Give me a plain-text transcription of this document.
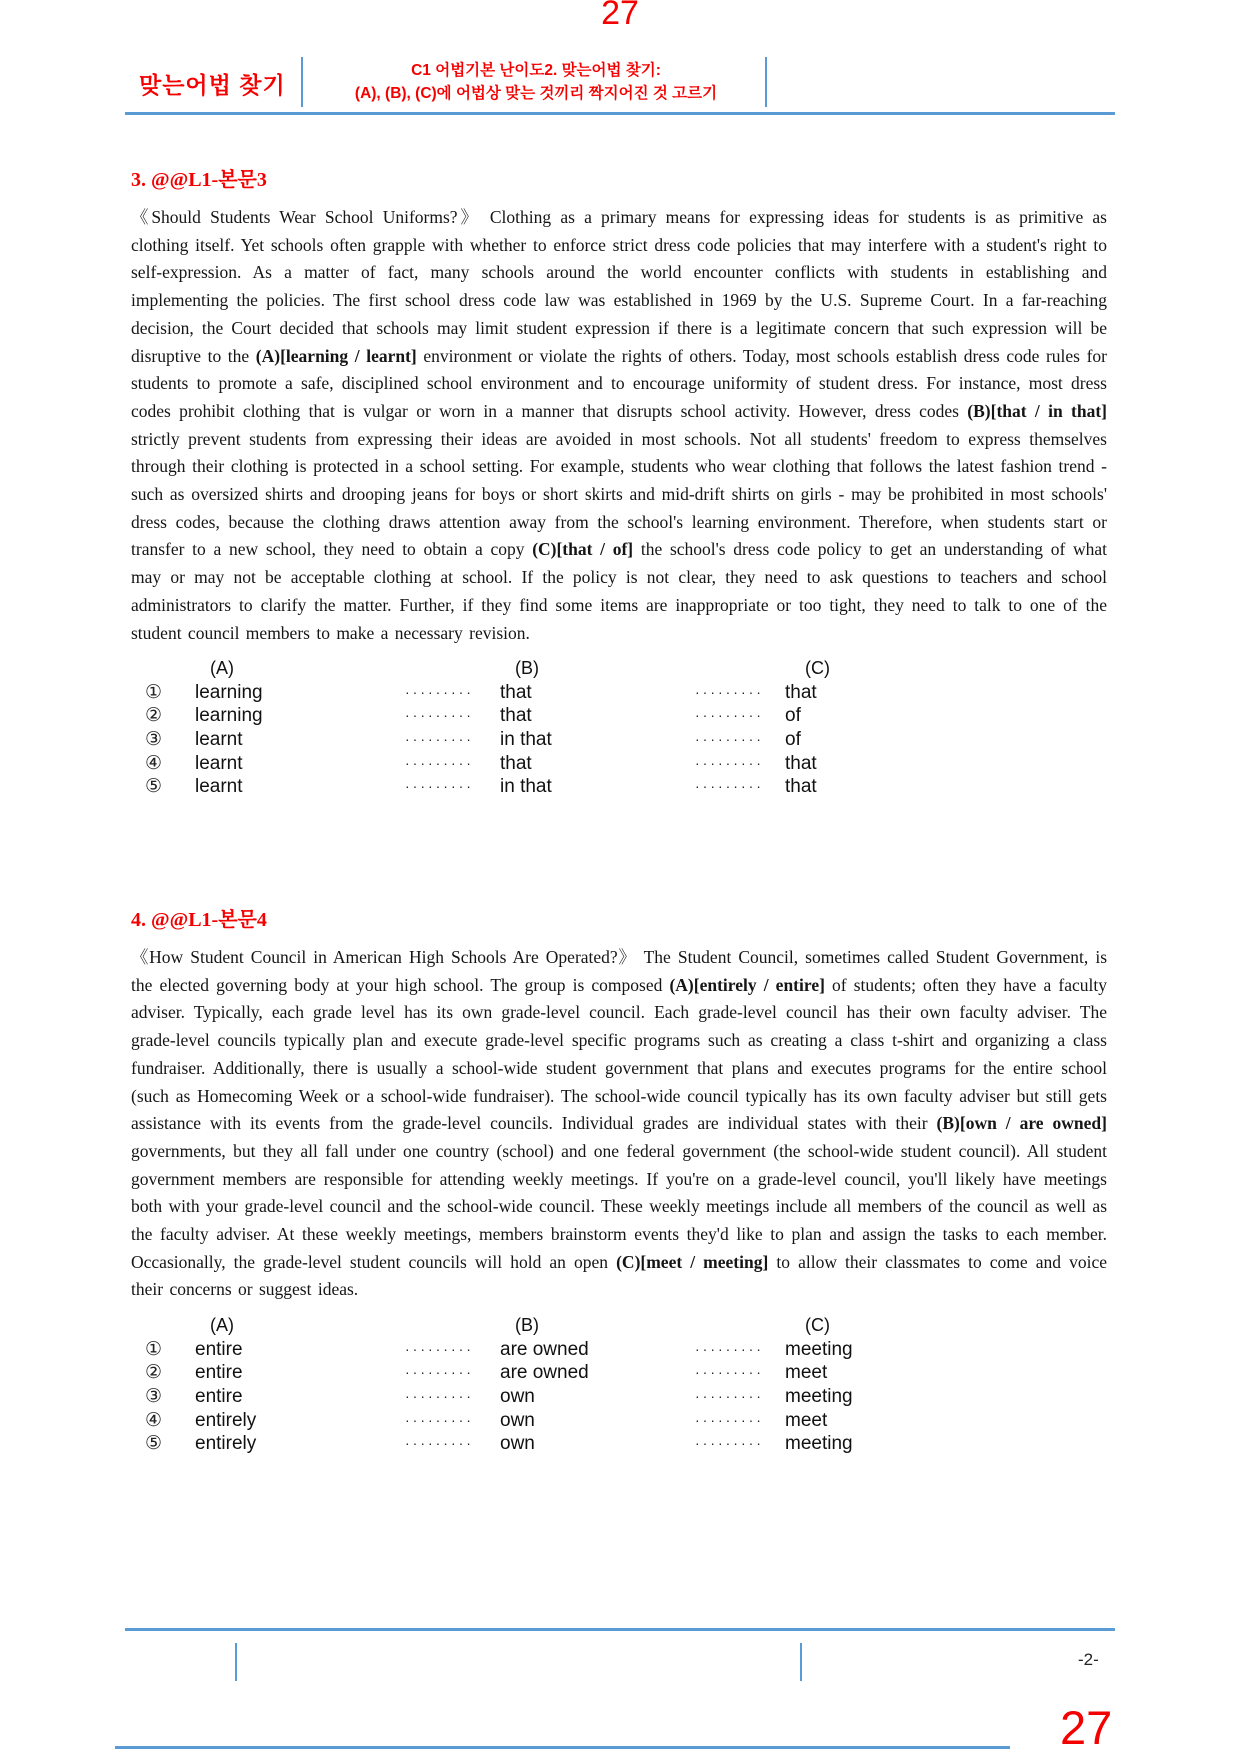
27
맞는어법 찾기
C1 어법기본 난이도2. 맞는어법 찾기:
(A), (B), (C)에 어법상 맞는 것끼리 짝지어진 것 고르기
3. @@L1-본문3

《Should Students Wear School Uniforms?》 Clothing as a primary means for expressing ideas for students is as primitive as clothing itself. Yet schools often grapple with whether to enforce strict dress code policies that may interfere with a student's right to self-expression. As a matter of fact, many schools around the world encounter conflicts with students in establishing and implementing the policies. The first school dress code law was established in 1969 by the U.S. Supreme Court. In a far-reaching decision, the Court decided that schools may limit student expression if there is a legitimate concern that such expression will be disruptive to the (A)[learning / learnt] environment or violate the rights of others. Today, most schools establish dress code rules for students to promote a safe, disciplined school environment and to encourage uniformity of student dress. For instance, most dress codes prohibit clothing that is vulgar or worn in a manner that disrupts school activity. However, dress codes (B)[that / in that] strictly prevent students from expressing their ideas are avoided in most schools. Not all students' freedom to express themselves through their clothing is protected in a school setting. For example, students who wear clothing that follows the latest fashion trend - such as oversized shirts and drooping jeans for boys or short skirts and mid-drift shirts on girls - may be prohibited in most schools' dress codes, because the clothing draws attention away from the school's learning environment. Therefore, when students start or transfer to a new school, they need to obtain a copy (C)[that / of] the school's dress code policy to get an understanding of what may or may not be acceptable clothing at school. If the policy is not clear, they need to ask questions to teachers and school administrators to clarify the matter. Further, if they find some items are inappropriate or too tight, they need to talk to one of the student council members to make a necessary revision.

(A)	(B)	(C)
①	learning	·········	that	·········	that
②	learning	·········	that	·········	of
③	learnt	·········	in that	·········	of
④	learnt	·········	that	·········	that
⑤	learnt	·········	in that	·········	that
4. @@L1-본문4

《How Student Council in American High Schools Are Operated?》 The Student Council, sometimes called Student Government, is the elected governing body at your high school. The group is composed (A)[entirely / entire] of students; often they have a faculty adviser. Typically, each grade level has its own grade-level council. Each grade-level council has their own faculty adviser. The grade-level councils typically plan and execute grade-level specific programs such as creating a class t-shirt and organizing a class fundraiser. Additionally, there is usually a school-wide student government that plans and executes programs for the entire school (such as Homecoming Week or a school-wide fundraiser). The school-wide council typically has its own faculty adviser but still gets assistance with its events from the grade-level councils. Individual grades are individual states with their (B)[own / are owned] governments, but they all fall under one country (school) and one federal government (the school-wide student council). All student government members are responsible for attending weekly meetings. If you're on a grade-level council, you'll likely have meetings both with your grade-level council and the school-wide council. These weekly meetings include all members of the council as well as the faculty adviser. At these weekly meetings, members brainstorm events they'd like to plan and assign the tasks to each member. Occasionally, the grade-level student councils will hold an open (C)[meet / meeting] to allow their classmates to come and voice their concerns or suggest ideas.

(A)	(B)	(C)
①	entire	·········	are owned	·········	meeting
②	entire	·········	are owned	·········	meet
③	entire	·········	own	·········	meeting
④	entirely	·········	own	·········	meet
⑤	entirely	·········	own	·········	meeting
-2-
27
